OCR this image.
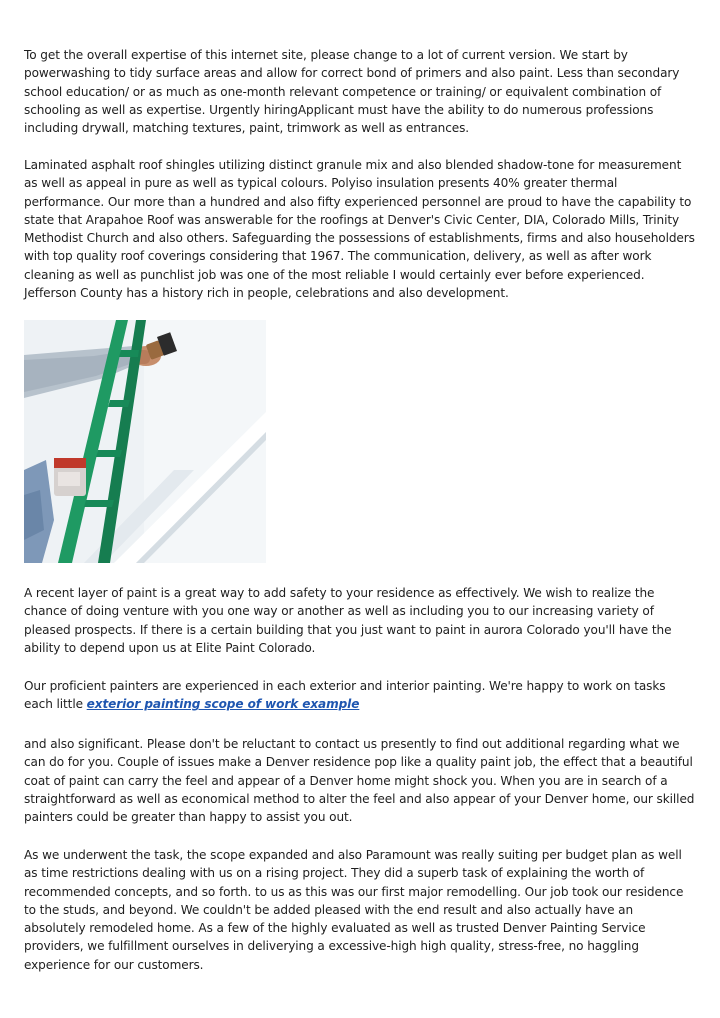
To get the overall expertise of this internet site, please change to a lot of current version. We start by powerwashing to tidy surface areas and allow for correct bond of primers and also paint. Less than secondary school education/ or as much as one-month relevant competence or training/ or equivalent combination of schooling as well as expertise. Urgently hiringApplicant must have the ability to do numerous professions including drywall, matching textures, paint, trimwork as well as entrances.

Laminated asphalt roof shingles utilizing distinct granule mix and also blended shadow-tone for measurement as well as appeal in pure as well as typical colours. Polyiso insulation presents 40% greater thermal performance. Our more than a hundred and also fifty experienced personnel are proud to have the capability to state that Arapahoe Roof was answerable for the roofings at Denver's Civic Center, DIA, Colorado Mills, Trinity Methodist Church and also others. Safeguarding the possessions of establishments, firms and also householders with top quality roof coverings considering that 1967. The communication, delivery, as well as after work cleaning as well as punchlist job was one of the most reliable I would certainly ever before experienced. Jefferson County has a history rich in people, celebrations and also development.

A recent layer of paint is a great way to add safety to your residence as effectively. We wish to realize the chance of doing venture with you one way or another as well as including you to our increasing variety of pleased prospects. If there is a certain building that you just want to paint in aurora Colorado you'll have the ability to depend upon us at Elite Paint Colorado.

Our proficient painters are experienced in each exterior and interior painting. We're happy to work on tasks each little exterior painting scope of work example

and also significant. Please don't be reluctant to contact us presently to find out additional regarding what we can do for you. Couple of issues make a Denver residence pop like a quality paint job, the effect that a beautiful coat of paint can carry the feel and appear of a Denver home might shock you. When you are in search of a straightforward as well as economical method to alter the feel and also appear of your Denver home, our skilled painters could be greater than happy to assist you out.

As we underwent the task, the scope expanded and also Paramount was really suiting per budget plan as well as time restrictions dealing with us on a rising project. They did a superb task of explaining the worth of recommended concepts, and so forth. to us as this was our first major remodelling. Our job took our residence to the studs, and beyond. We couldn't be added pleased with the end result and also actually have an absolutely remodeled home. As a few of the highly evaluated as well as trusted Denver Painting Service providers, we fulfillment ourselves in deliverying a excessive-high high quality, stress-free, no haggling experience for our customers.
